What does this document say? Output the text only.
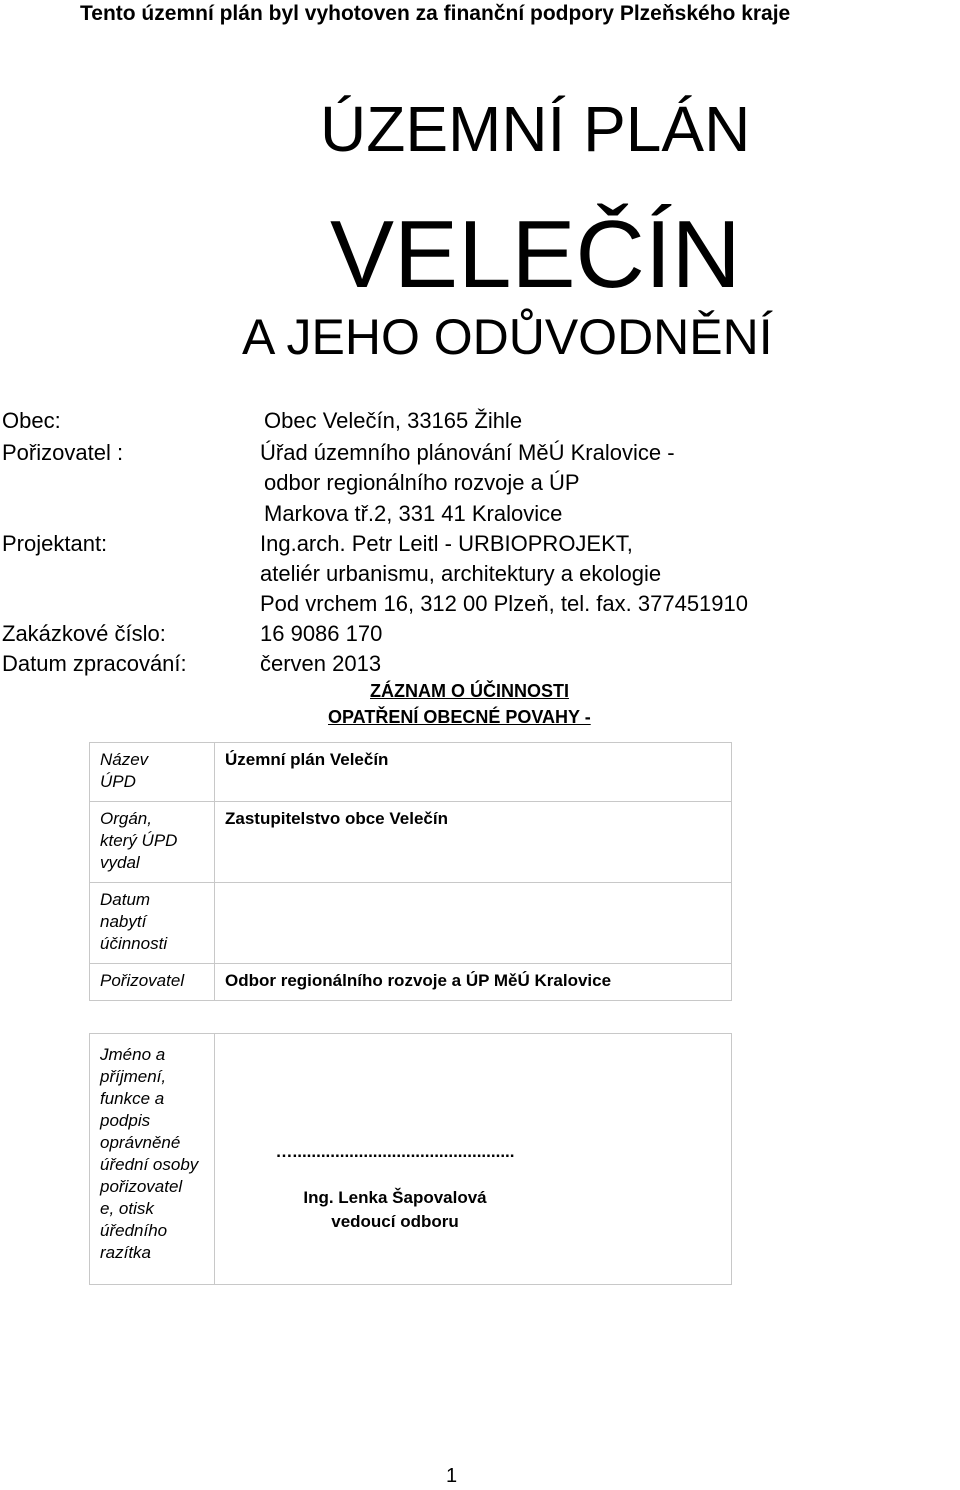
Tento územní plán byl vyhotoven za finanční podpory Plzeňského kraje
ÚZEMNÍ PLÁN
VELEČÍN
A JEHO ODŮVODNĚNÍ
Obec:	Obec Velečín, 33165 Žihle
Pořizovatel :	Úřad územního plánování MěÚ Kralovice -
odbor regionálního rozvoje a ÚP
Markova tř.2, 331 41 Kralovice
Projektant:	Ing.arch. Petr Leitl - URBIOPROJEKT,
ateliér urbanismu, architektury a ekologie
Pod vrchem 16, 312 00 Plzeň, tel. fax. 377451910
Zakázkové číslo:	16 9086 170
Datum zpracování:	červen 2013
ZÁZNAM O ÚČINNOSTI
OPATŘENÍ OBECNÉ POVAHY -
Název ÚPD	Územní plán Velečín

Orgán, který ÚPD vydal	Zastupitelstvo obce Velečín

Datum nabytí účinnosti	

Pořizovatel	Odbor regionálního rozvoje a ÚP MěÚ Kralovice

Jméno a příjmení, funkce a podpis oprávněné úřední osoby pořizovatel e, otisk úředního razítka	…...............................................
Ing. Lenka Šapovalová
vedoucí odboru
1
